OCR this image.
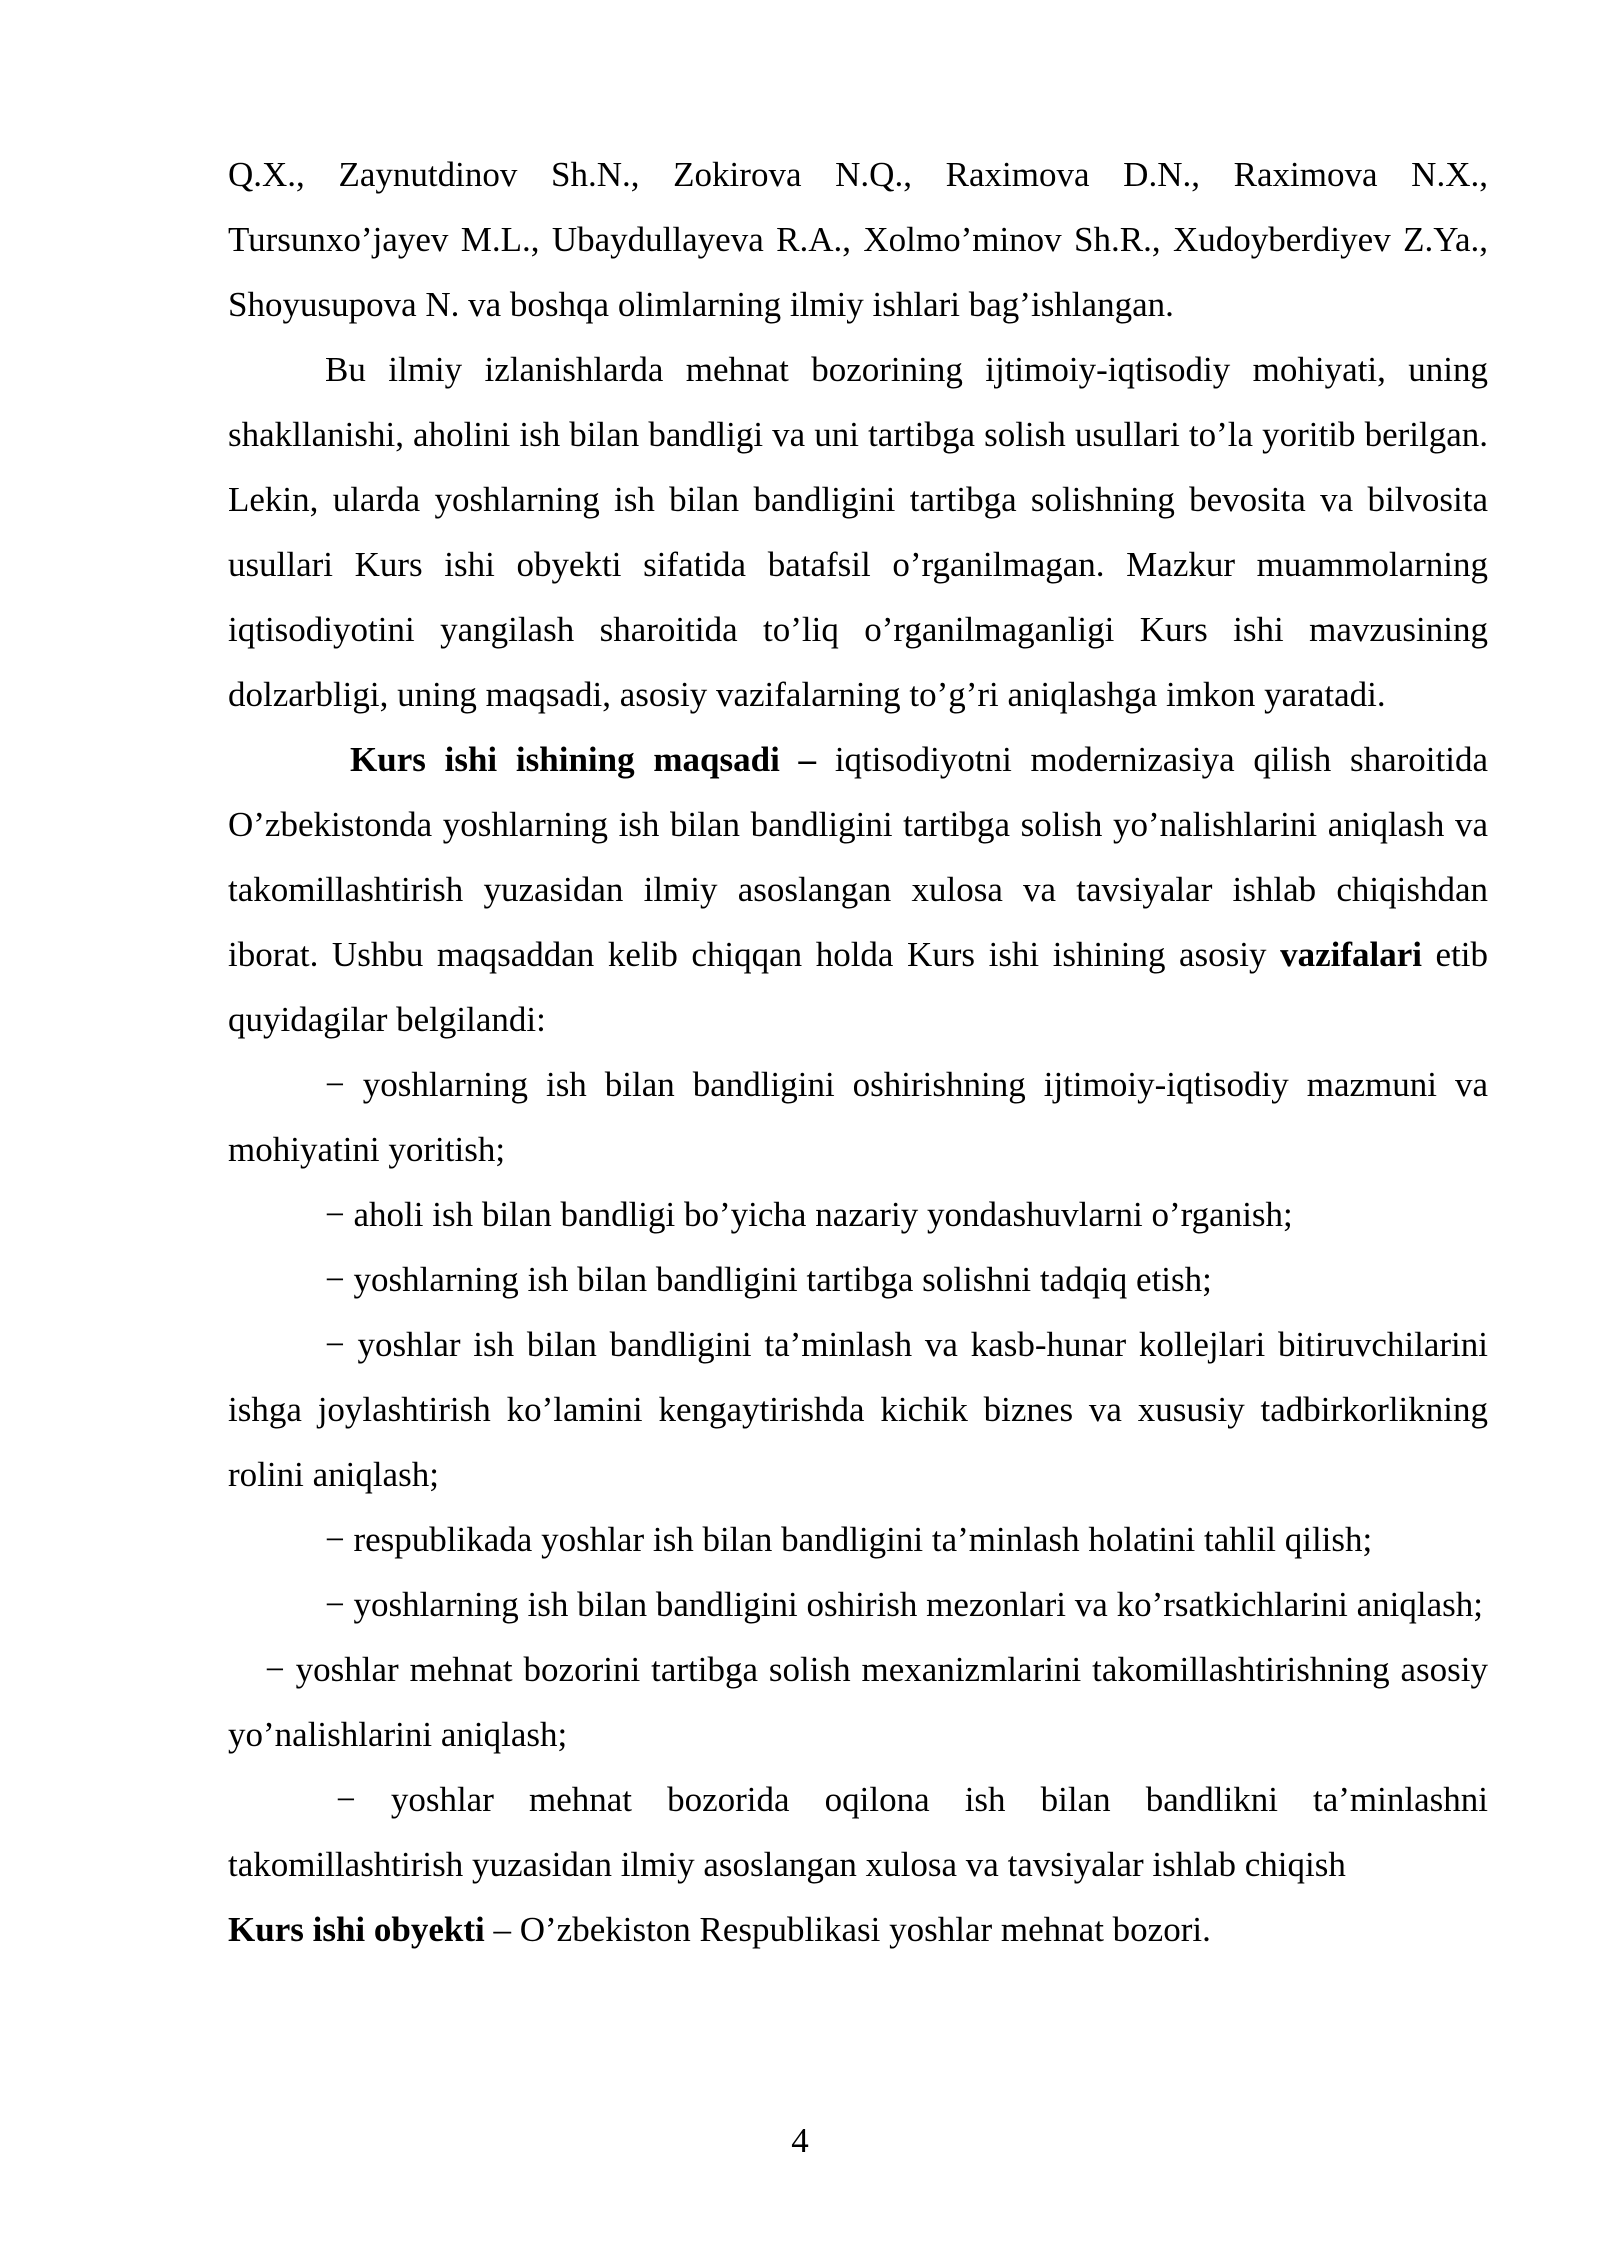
Q.X., Zaynutdinov Sh.N., Zokirova N.Q., Raximova D.N., Raximova N.X., Tursunxo’jayev M.L., Ubaydullayeva R.A., Xolmo’minov Sh.R., Xudoyberdiyev Z.Ya., Shoyusupova N. va boshqa olimlarning ilmiy ishlari bag’ishlangan.

Bu ilmiy izlanishlarda mehnat bozorining ijtimoiy-iqtisodiy mohiyati, uning shakllanishi, aholini ish bilan bandligi va uni tartibga solish usullari to’la yoritib berilgan. Lekin, ularda yoshlarning ish bilan bandligini tartibga solishning bevosita va bilvosita usullari Kurs ishi obyekti sifatida batafsil o’rganilmagan. Mazkur muammolarning iqtisodiyotini yangilash sharoitida to’liq o’rganilmaganligi Kurs ishi mavzusining dolzarbligi, uning maqsadi, asosiy vazifalarning to’g’ri aniqlashga imkon yaratadi.

Kurs ishi ishining maqsadi – iqtisodiyotni modernizasiya qilish sharoitida O’zbekistonda yoshlarning ish bilan bandligini tartibga solish yo’nalishlarini aniqlash va takomillashtirish yuzasidan ilmiy asoslangan xulosa va tavsiyalar ishlab chiqishdan iborat. Ushbu maqsaddan kelib chiqqan holda Kurs ishi ishining asosiy vazifalari etib quyidagilar belgilandi:

− yoshlarning ish bilan bandligini oshirishning ijtimoiy-iqtisodiy mazmuni va mohiyatini yoritish;

− aholi ish bilan bandligi bo’yicha nazariy yondashuvlarni o’rganish;

− yoshlarning ish bilan bandligini tartibga solishni tadqiq etish;

− yoshlar ish bilan bandligini ta’minlash va kasb-hunar kollejlari bitiruvchilarini ishga joylashtirish ko’lamini kengaytirishda kichik biznes va xususiy tadbirkorlikning rolini aniqlash;

− respublikada yoshlar ish bilan bandligini ta’minlash holatini tahlil qilish;

− yoshlarning ish bilan bandligini oshirish mezonlari va ko’rsatkichlarini aniqlash;

− yoshlar mehnat bozorini tartibga solish mexanizmlarini takomillashtirishning asosiy yo’nalishlarini aniqlash;

− yoshlar mehnat bozorida oqilona ish bilan bandlikni ta’minlashni takomillashtirish yuzasidan ilmiy asoslangan xulosa va tavsiyalar ishlab chiqish

Kurs ishi obyekti – O’zbekiston Respublikasi yoshlar mehnat bozori.

4
